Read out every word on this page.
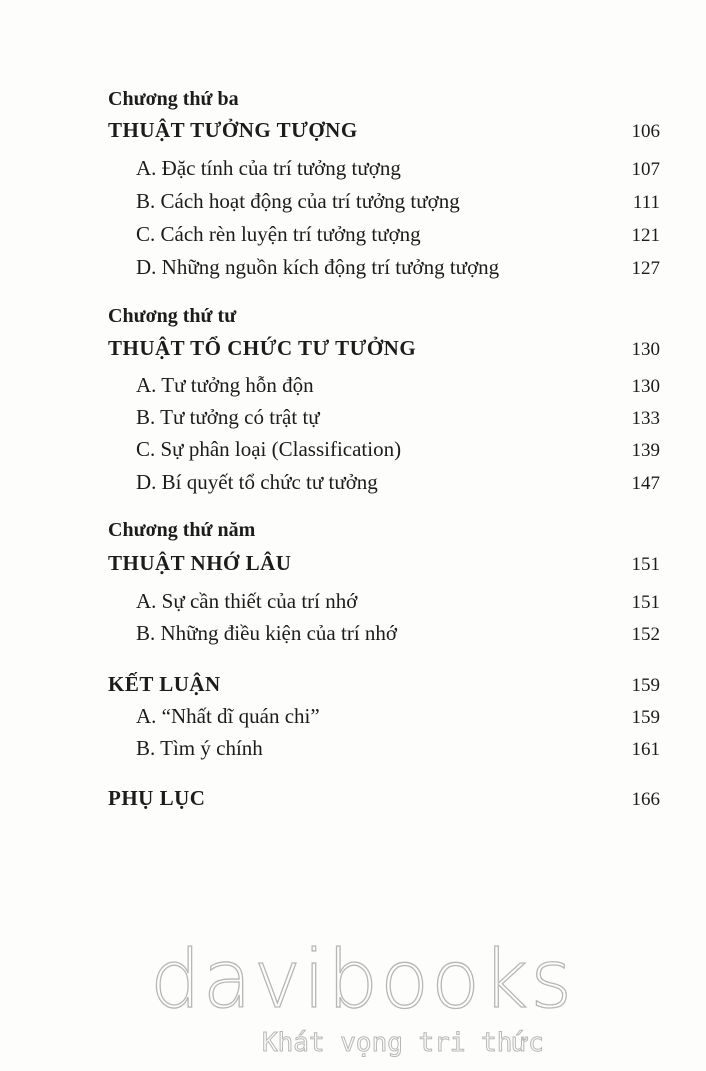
Chương thứ ba
THUẬT TƯỞNG TƯỢNG	106
A. Đặc tính của trí tưởng tượng	107
B. Cách hoạt động của trí tưởng tượng	111
C. Cách rèn luyện trí tưởng tượng	121
D. Những nguồn kích động trí tưởng tượng	127
Chương thứ tư
THUẬT TỔ CHỨC TƯ TƯỞNG	130
A. Tư tưởng hỗn độn	130
B. Tư tưởng có trật tự	133
C. Sự phân loại (Classification)	139
D. Bí quyết tổ chức tư tưởng	147
Chương thứ năm
THUẬT NHỚ LÂU	151
A. Sự cần thiết của trí nhớ	151
B. Những điều kiện của trí nhớ	152
KẾT LUẬN	159
A. “Nhất dĩ quán chi”	159
B. Tìm ý chính	161
PHỤ LỤC	166
davibooks
Khát vọng tri thức
